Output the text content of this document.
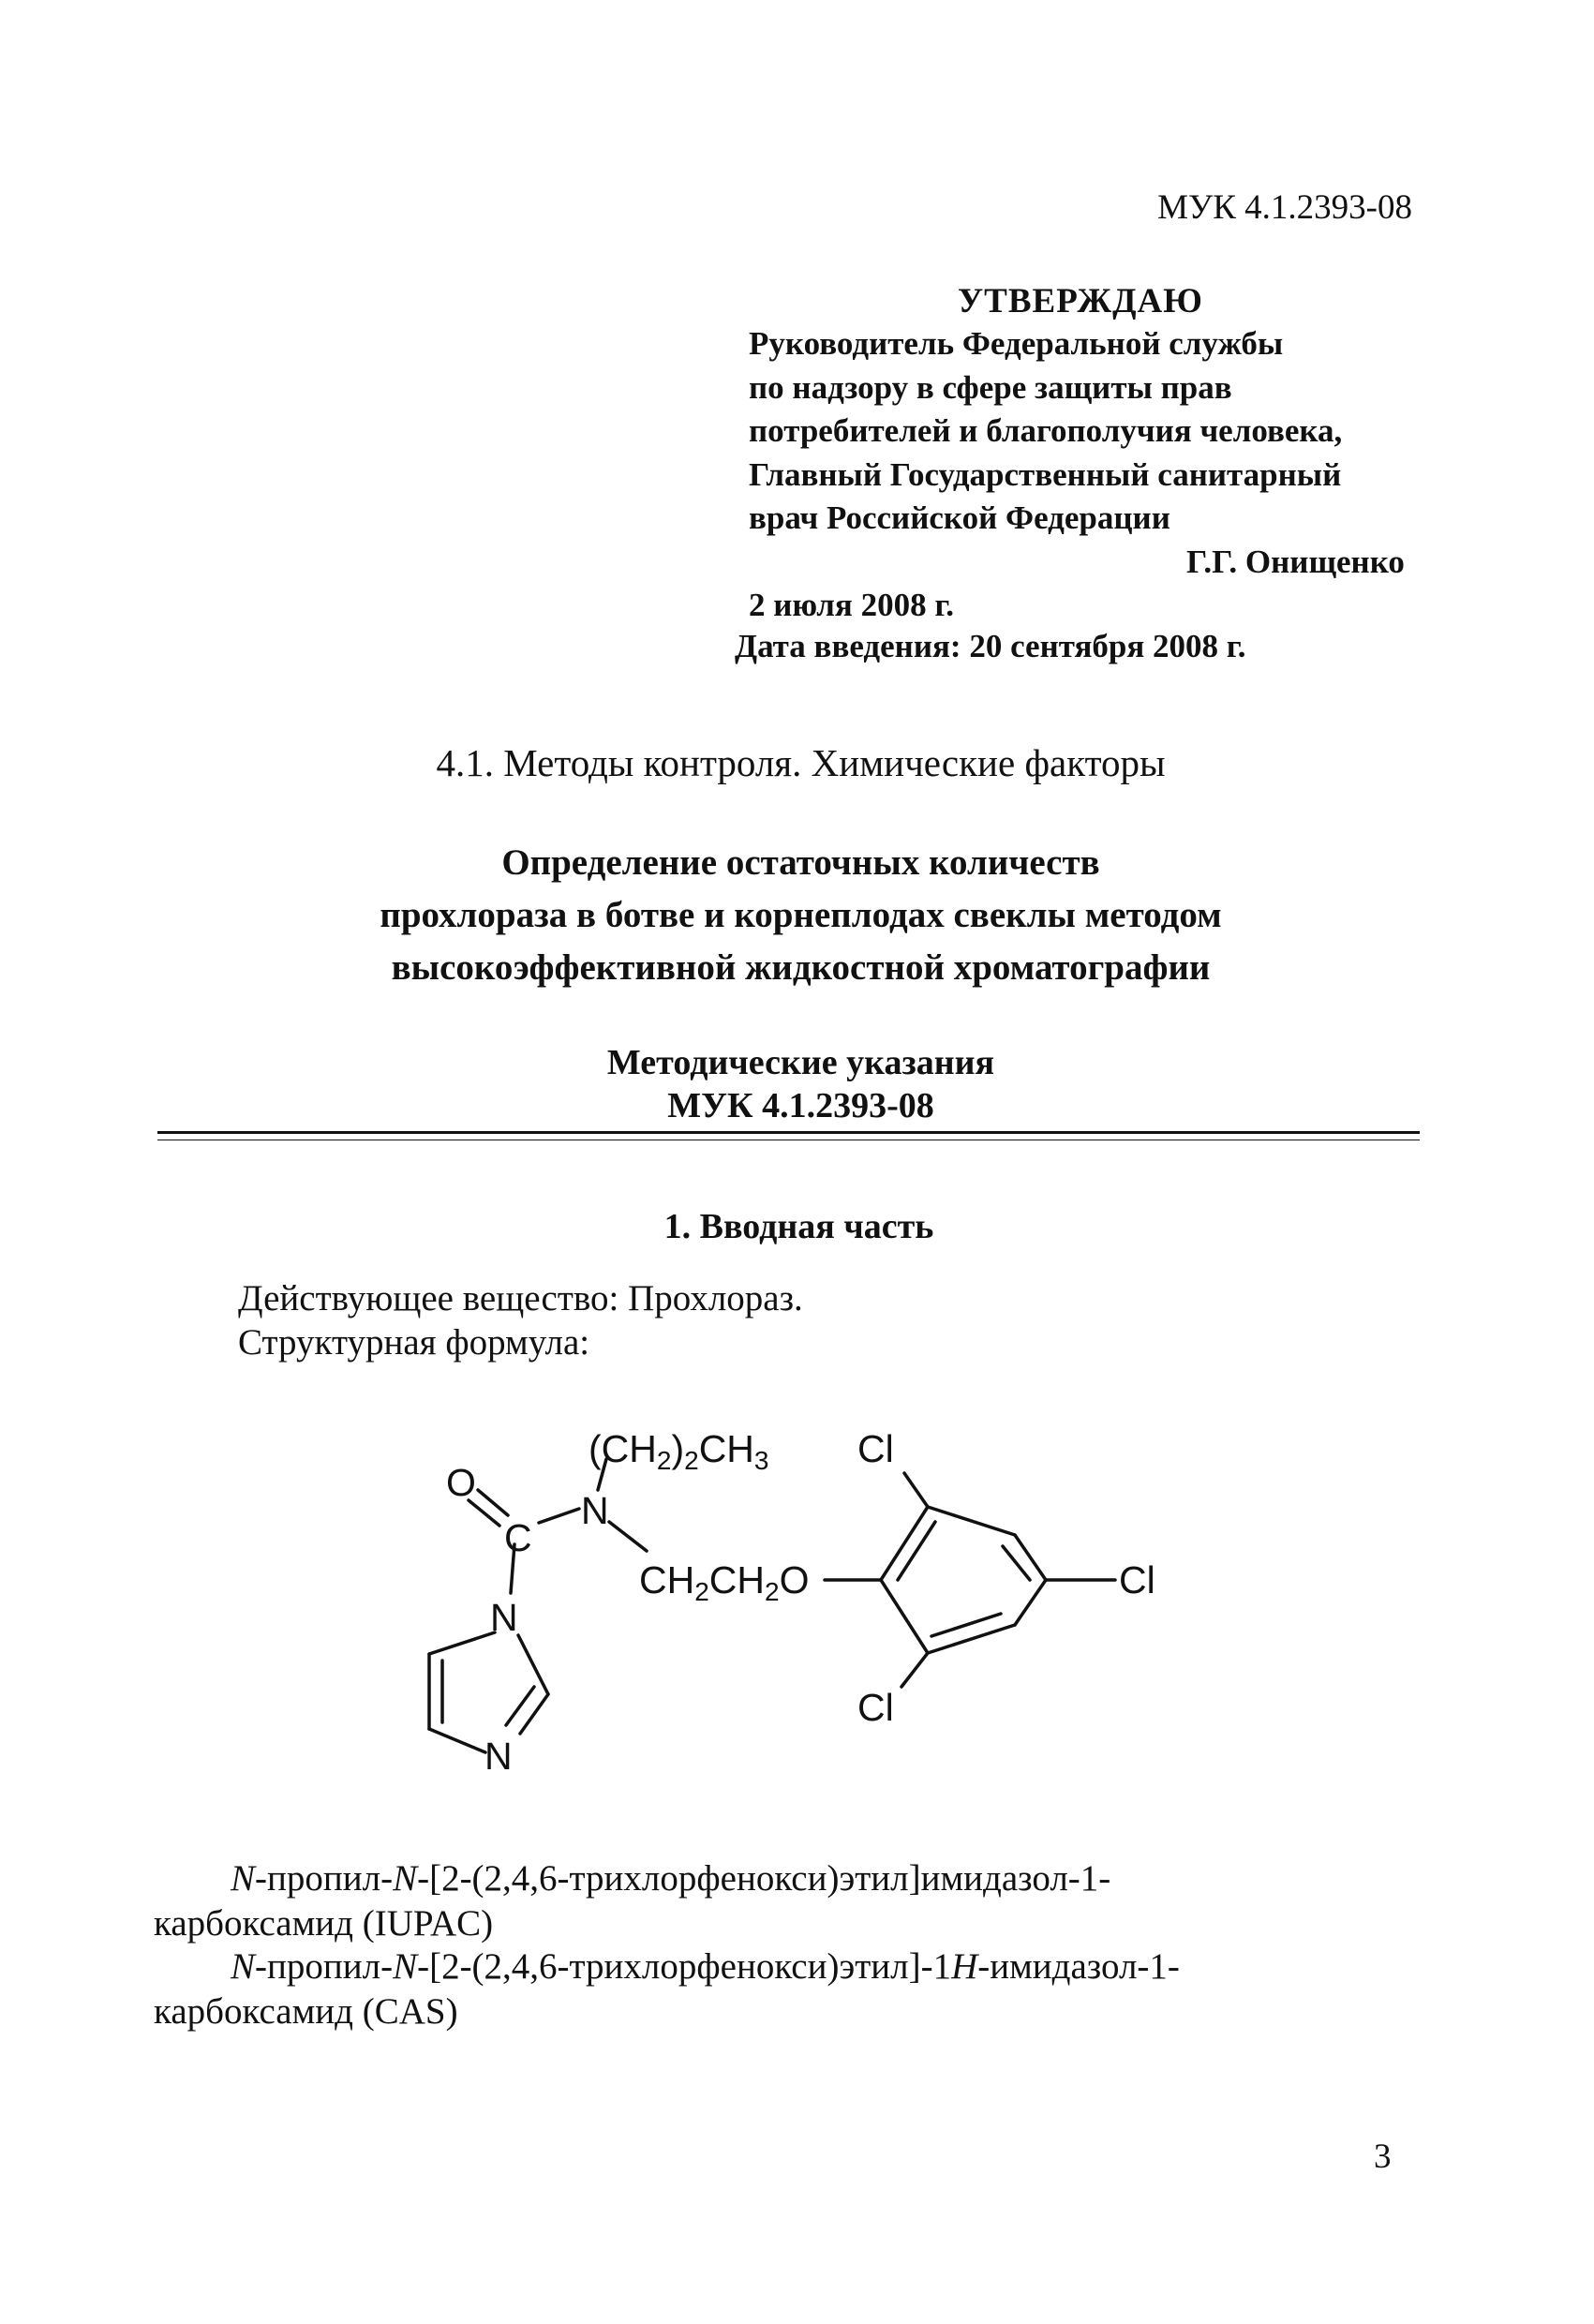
МУК 4.1.2393-08
УТВЕРЖДАЮ
Руководитель Федеральной службы
по надзору в сфере защиты прав
потребителей и благополучия человека,
Главный Государственный санитарный
врач Российской Федерации
Г.Г. Онищенко
2 июля 2008 г.
Дата введения: 20 сентября 2008 г.
4.1. Методы контроля. Химические факторы
Определение остаточных количеств
прохлораза в ботве и корнеплодах свеклы методом
высокоэффективной жидкостной хроматографии
Методические указания
МУК 4.1.2393-08
1. Вводная часть
Действующее вещество: Прохлораз.
Структурная формула:
(CH2)2CH3
O
C
N
N
N
CH2CH2O
Cl
Cl
Cl
N-пропил-N-[2-(2,4,6-трихлорфенокси)этил]имидазол-1-
карбоксамид (IUPAC)
N-пропил-N-[2-(2,4,6-трихлорфенокси)этил]-1H-имидазол-1-
карбоксамид (CAS)
3
